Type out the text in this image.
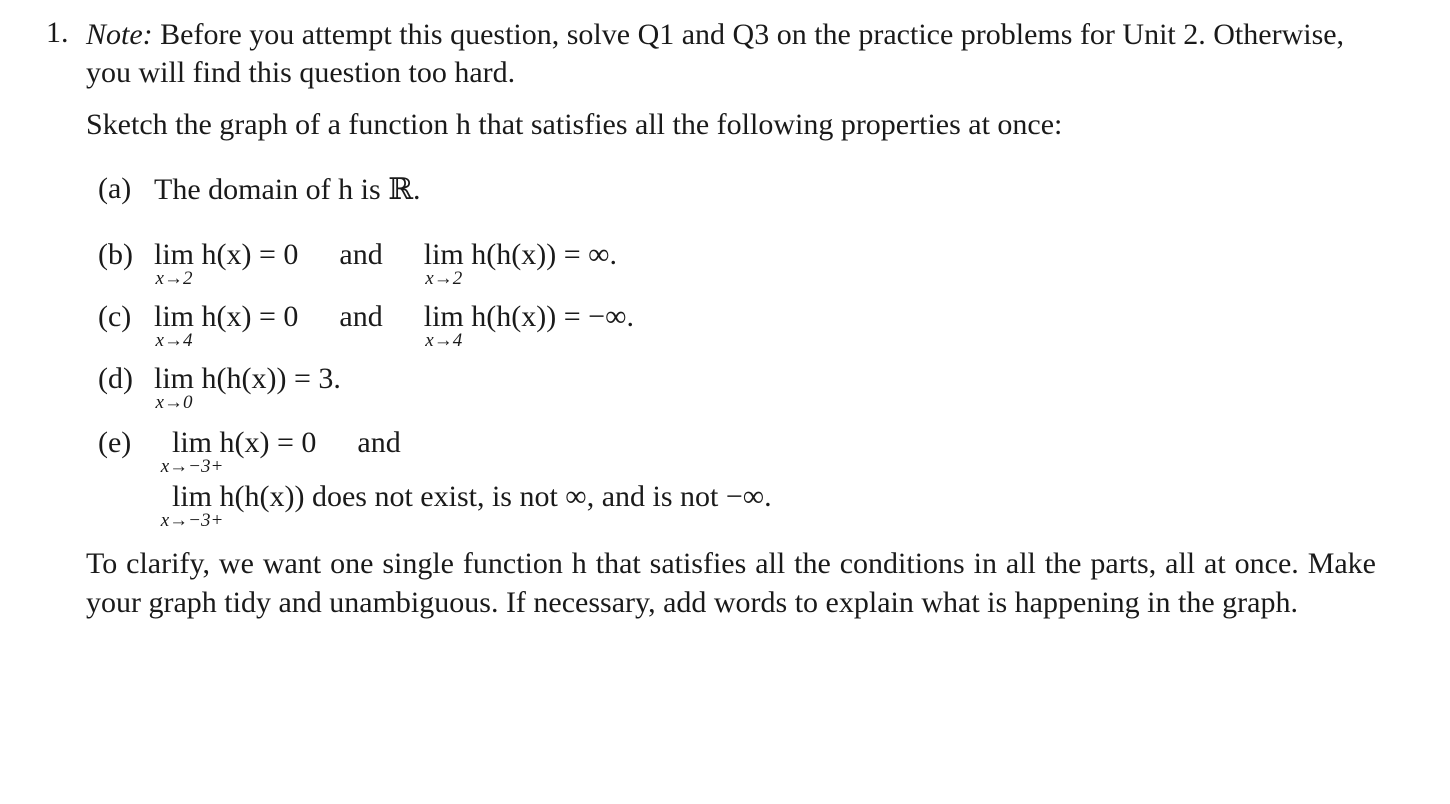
1. Note: Before you attempt this question, solve Q1 and Q3 on the practice problems for Unit 2. Otherwise, you will find this question too hard.
Sketch the graph of a function h that satisfies all the following properties at once:
(a) The domain of h is ℝ.
(b) lim
x→2
h(x) = 0 and lim
x→2
h(h(x)) = ∞.
(c) lim
x→4
h(x) = 0 and lim
x→4
h(h(x)) = −∞.
(d) lim
x→0
h(h(x)) = 3.
(e) lim
x→−3+
h(x) = 0 and
lim
x→−3+
h(h(x)) does not exist, is not ∞, and is not −∞.
To clarify, we want one single function h that satisfies all the conditions in all the parts, all at once. Make your graph tidy and unambiguous. If necessary, add words to explain what is happening in the graph.
